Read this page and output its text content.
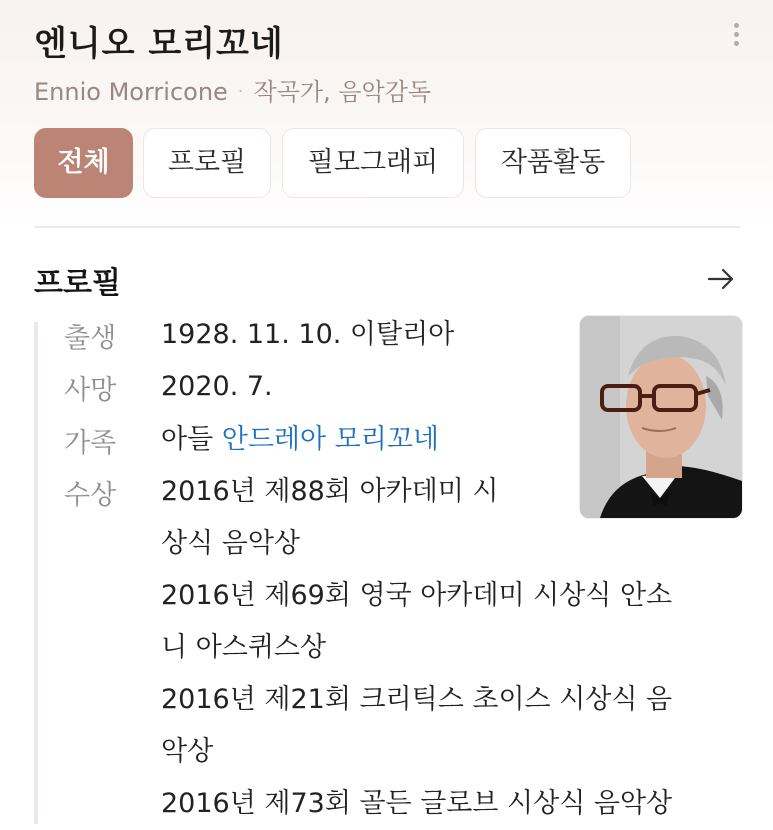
엔니오 모리꼬네
Ennio Morricone · 작곡가, 음악감독
전체	프로필	필모그래피	작품활동
프로필
출생 1928. 11. 10. 이탈리아
사망 2020. 7.
가족 아들 안드레아 모리꼬네
수상 2016년 제88회 아카데미 시
상식 음악상
2016년 제69회 영국 아카데미 시상식 안소
니 아스퀴스상
2016년 제21회 크리틱스 초이스 시상식 음
악상
2016년 제73회 골든 글로브 시상식 음악상
